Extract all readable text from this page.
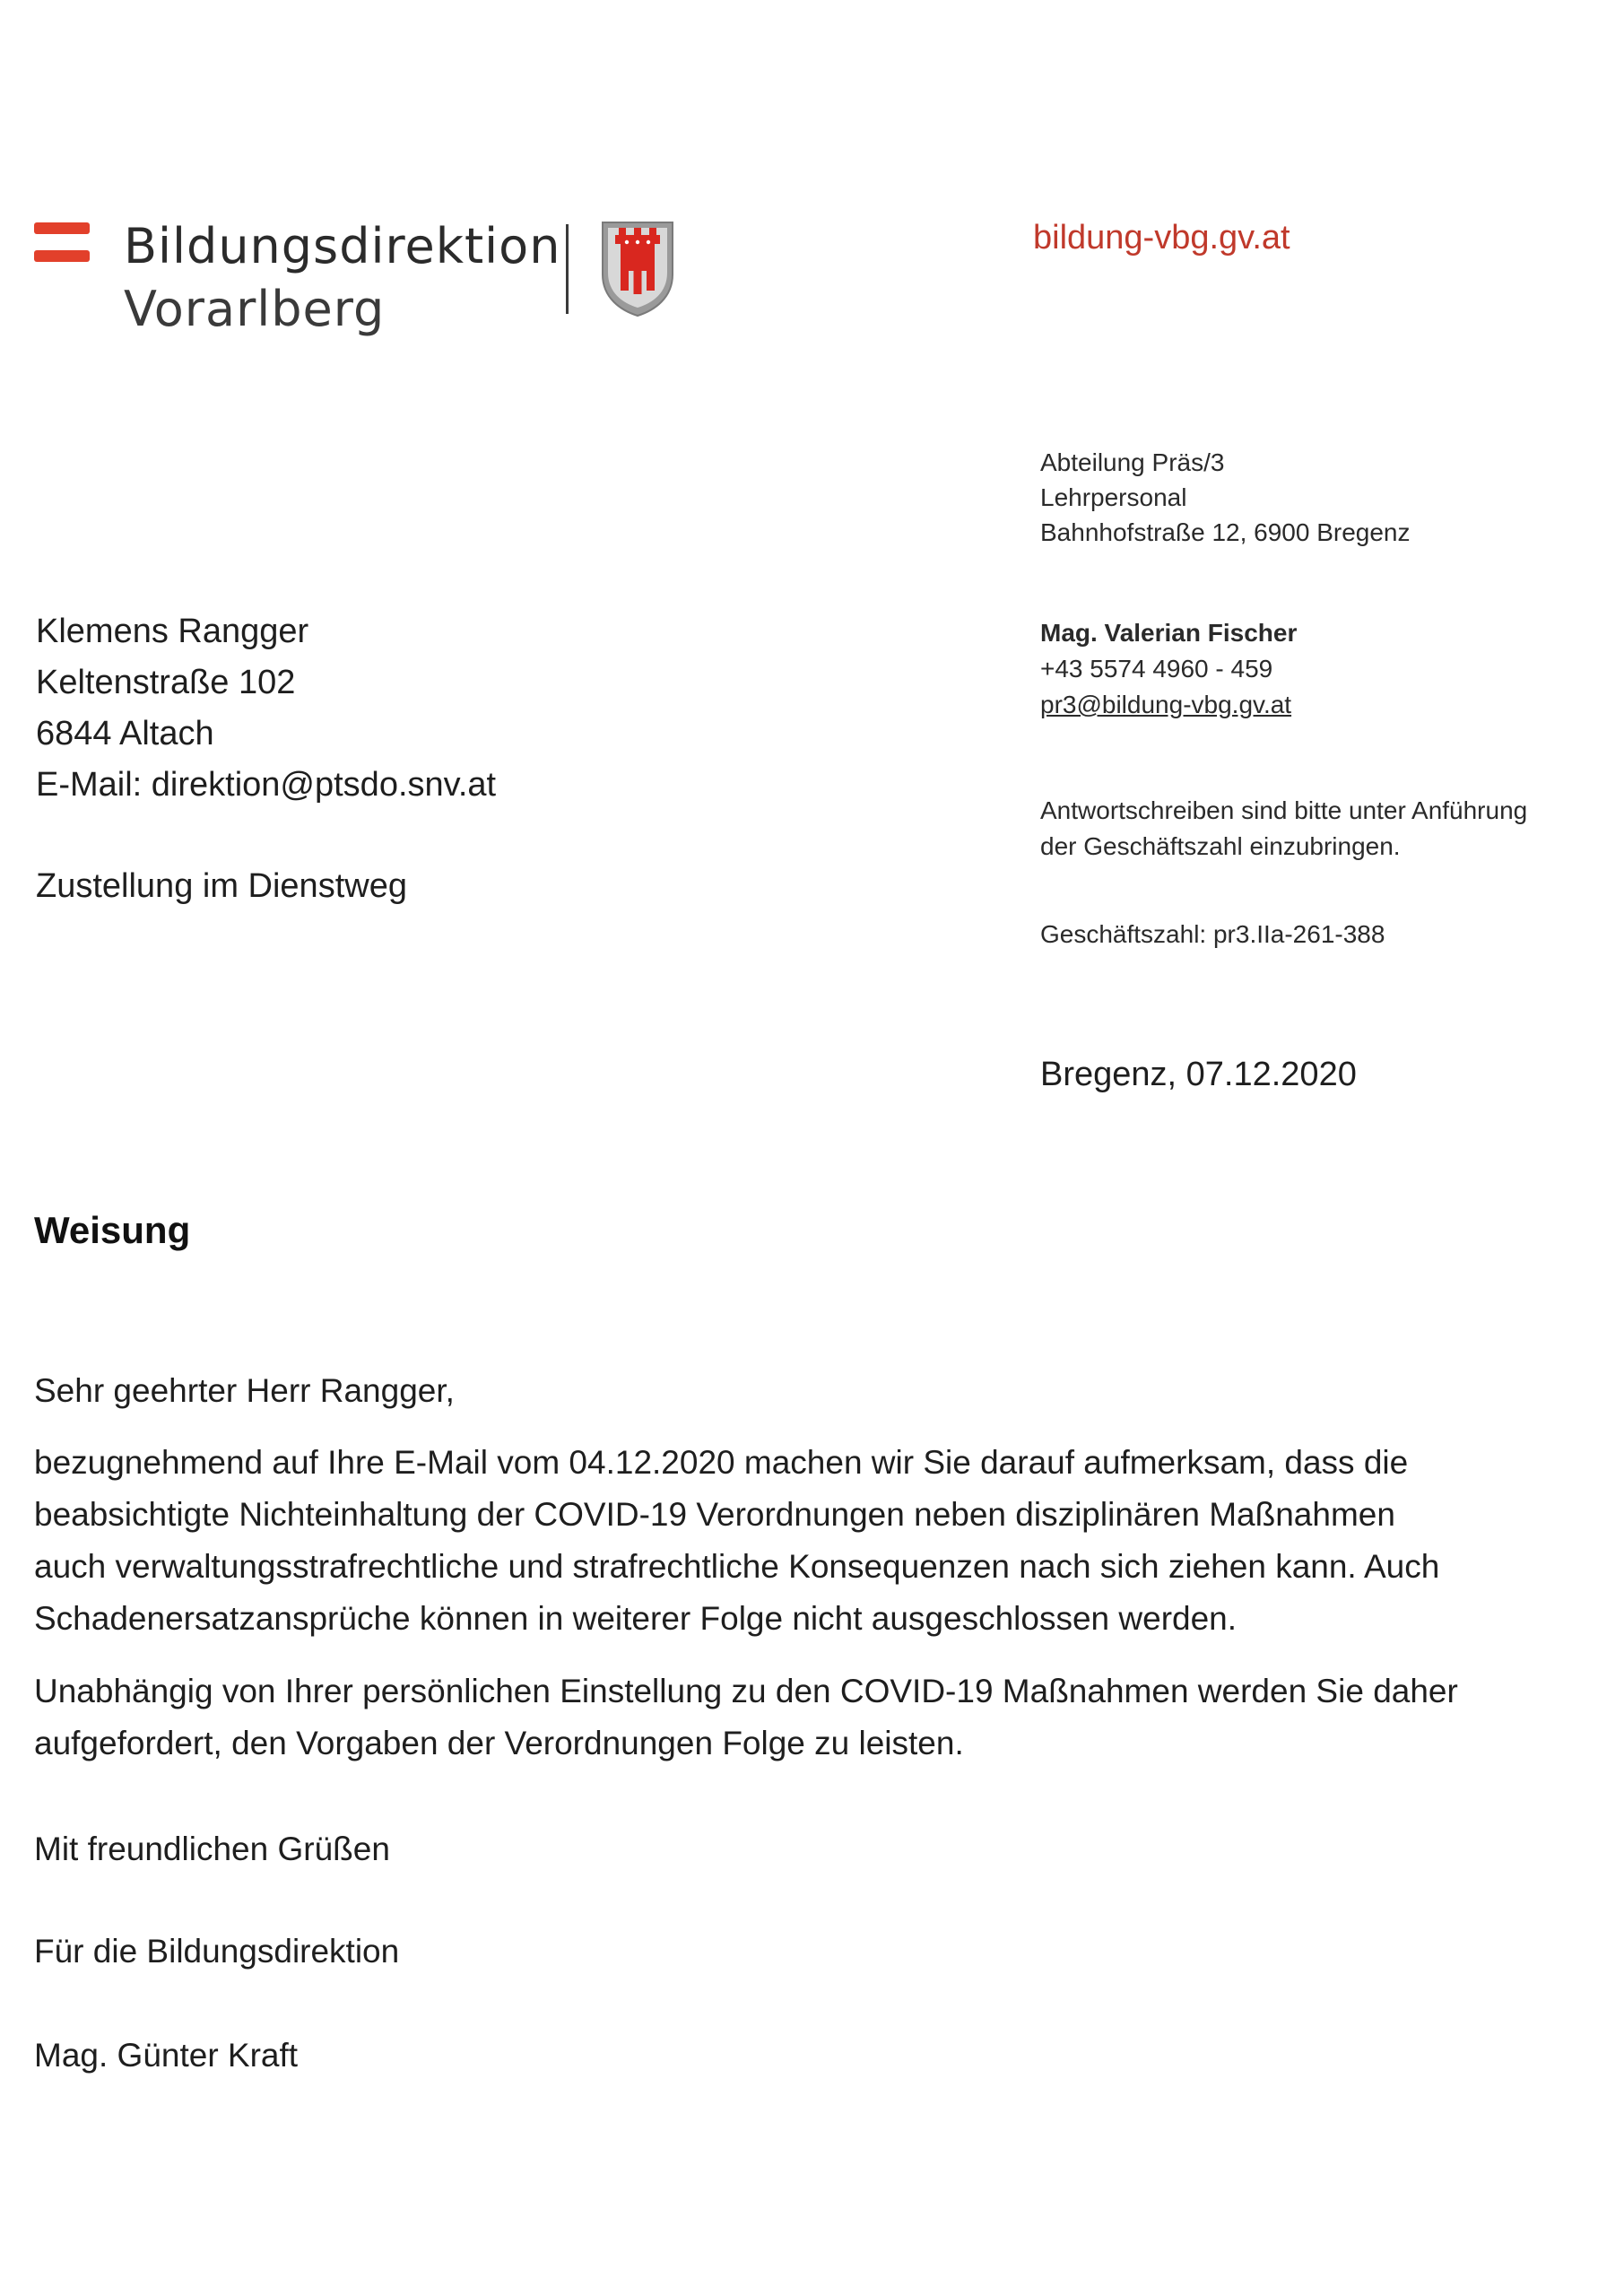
Bildungsdirektion
Vorarlberg
bildung-vbg.gv.at
Abteilung Präs/3
Lehrpersonal
Bahnhofstraße 12, 6900 Bregenz
Mag. Valerian Fischer
+43 5574 4960 - 459
pr3@bildung-vbg.gv.at
Antwortschreiben sind bitte unter Anführung
der Geschäftszahl einzubringen.
Geschäftszahl: pr3.IIa-261-388
Bregenz, 07.12.2020
Klemens Rangger
Keltenstraße 102
6844 Altach
E-Mail: direktion@ptsdo.snv.at
Zustellung im Dienstweg
Weisung
Sehr geehrter Herr Rangger,
bezugnehmend auf Ihre E-Mail vom 04.12.2020 machen wir Sie darauf aufmerksam, dass die
beabsichtigte Nichteinhaltung der COVID-19 Verordnungen neben disziplinären Maßnahmen
auch verwaltungsstrafrechtliche und strafrechtliche Konsequenzen nach sich ziehen kann. Auch
Schadenersatzansprüche können in weiterer Folge nicht ausgeschlossen werden.
Unabhängig von Ihrer persönlichen Einstellung zu den COVID-19 Maßnahmen werden Sie daher
aufgefordert, den Vorgaben der Verordnungen Folge zu leisten.
Mit freundlichen Grüßen
Für die Bildungsdirektion
Mag. Günter Kraft
